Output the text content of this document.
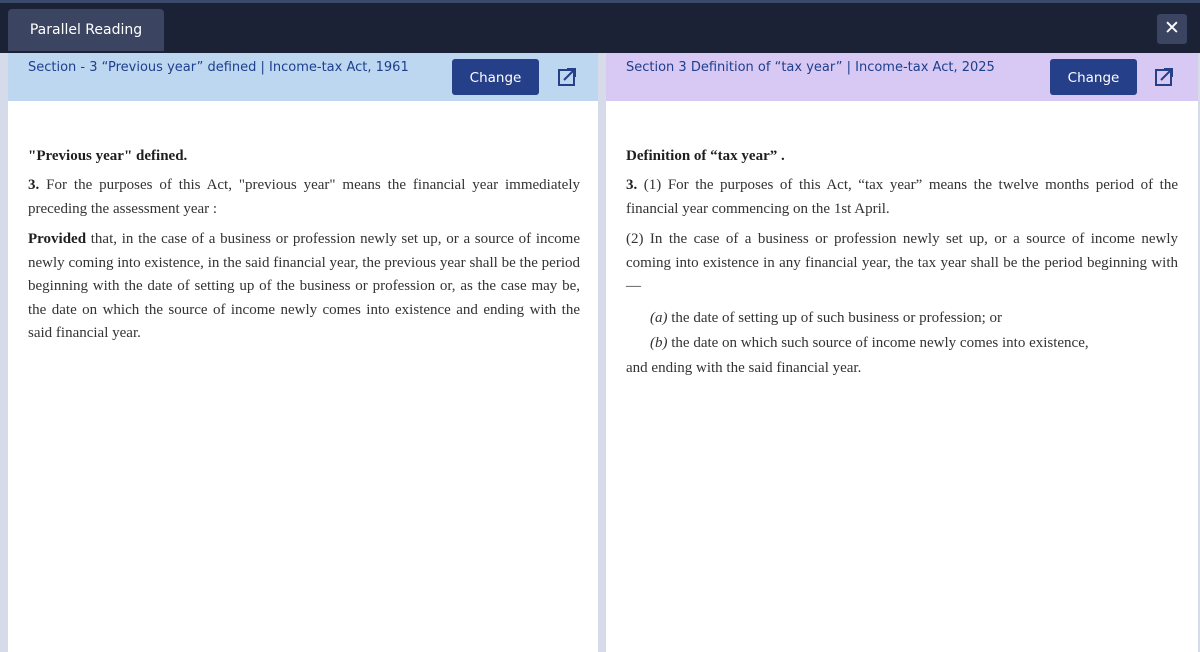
Parallel Reading	✕
Section - 3 “Previous year” defined | Income-tax Act, 1961
Change
"Previous year" defined.

3. For the purposes of this Act, "previous year" means the financial year immediately preceding the assessment year :

Provided that, in the case of a business or profession newly set up, or a source of income newly coming into existence, in the said financial year, the previous year shall be the period beginning with the date of setting up of the business or profession or, as the case may be, the date on which the source of income newly comes into existence and ending with the said financial year.

Section 3 Definition of “tax year” | Income-tax Act, 2025
Change
Definition of “tax year” .

3. (1) For the purposes of this Act, “tax year” means the twelve months period of the financial year commencing on the 1st April.

(2) In the case of a business or profession newly set up, or a source of income newly coming into existence in any financial year, the tax year shall be the period beginning with—

(a) the date of setting up of such business or profession; or

(b) the date on which such source of income newly comes into existence,

and ending with the said financial year.
